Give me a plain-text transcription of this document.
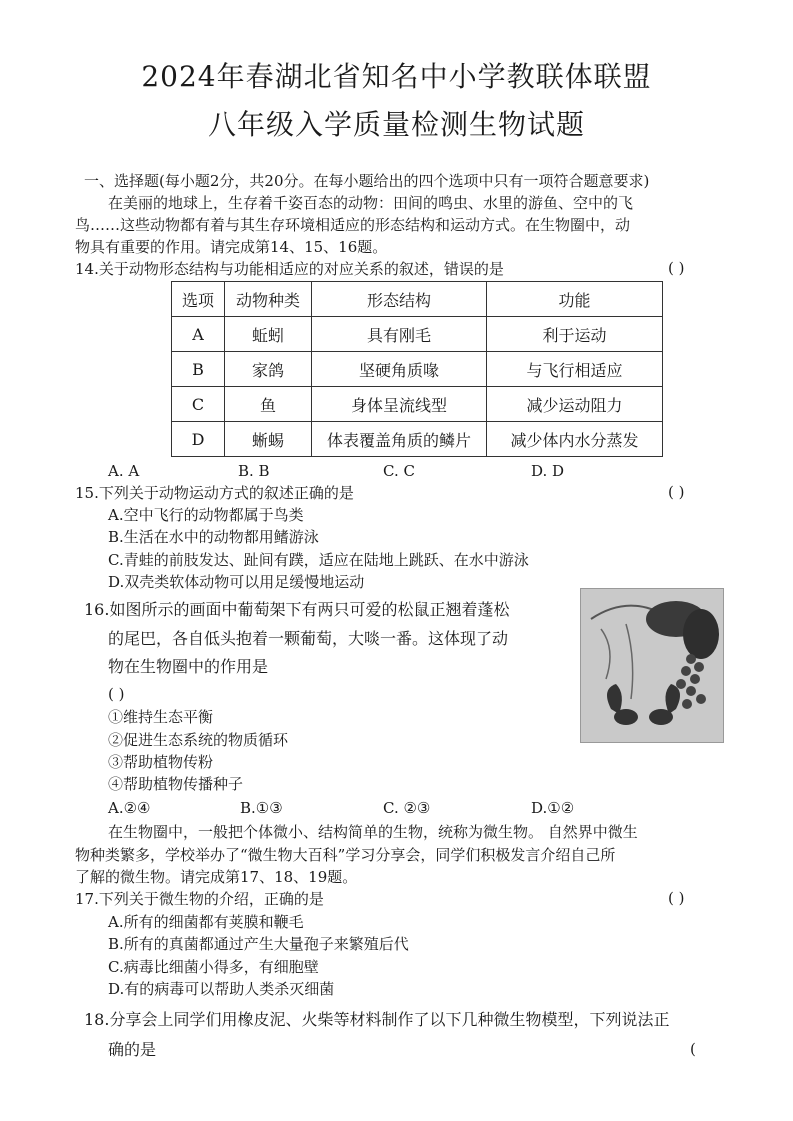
2024年春湖北省知名中小学教联体联盟
八年级入学质量检测生物试题
一、选择题(每小题2分，共20分。在每小题给出的四个选项中只有一项符合题意要求)
在美丽的地球上，生存着千姿百态的动物：田间的鸣虫、水里的游鱼、空中的飞
鸟……这些动物都有着与其生存环境相适应的形态结构和运动方式。在生物圈中，动
物具有重要的作用。请完成第14、15、16题。
14.关于动物形态结构与功能相适应的对应关系的叙述，错误的是	( )
选项	动物种类	形态结构	功能
A	蚯蚓	具有刚毛	利于运动
B	家鸽	坚硬角质喙	与飞行相适应
C	鱼	身体呈流线型	减少运动阻力
D	蜥蜴	体表覆盖角质的鳞片	减少体内水分蒸发
A. A	B. B	C. C	D. D
15.下列关于动物运动方式的叙述正确的是	( )
A.空中飞行的动物都属于鸟类
B.生活在水中的动物都用鳍游泳
C.青蛙的前肢发达、趾间有蹼，适应在陆地上跳跃、在水中游泳
D.双壳类软体动物可以用足缓慢地运动
16.如图所示的画面中葡萄架下有两只可爱的松鼠正翘着蓬松
的尾巴，各自低头抱着一颗葡萄，大啖一番。这体现了动
物在生物圈中的作用是
( )
①维持生态平衡
②促进生态系统的物质循环
③帮助植物传粉
④帮助植物传播种子
A.②④	B.①③	C. ②③	D.①②
在生物圈中，一般把个体微小、结构简单的生物，统称为微生物。 自然界中微生
物种类繁多，学校举办了“微生物大百科”学习分享会，同学们积极发言介绍自己所
了解的微生物。请完成第17、18、19题。
17.下列关于微生物的介绍，正确的是	( )
A.所有的细菌都有荚膜和鞭毛
B.所有的真菌都通过产生大量孢子来繁殖后代
C.病毒比细菌小得多，有细胞壁
D.有的病毒可以帮助人类杀灭细菌
18.分享会上同学们用橡皮泥、火柴等材料制作了以下几种微生物模型，下列说法正
确的是	(
